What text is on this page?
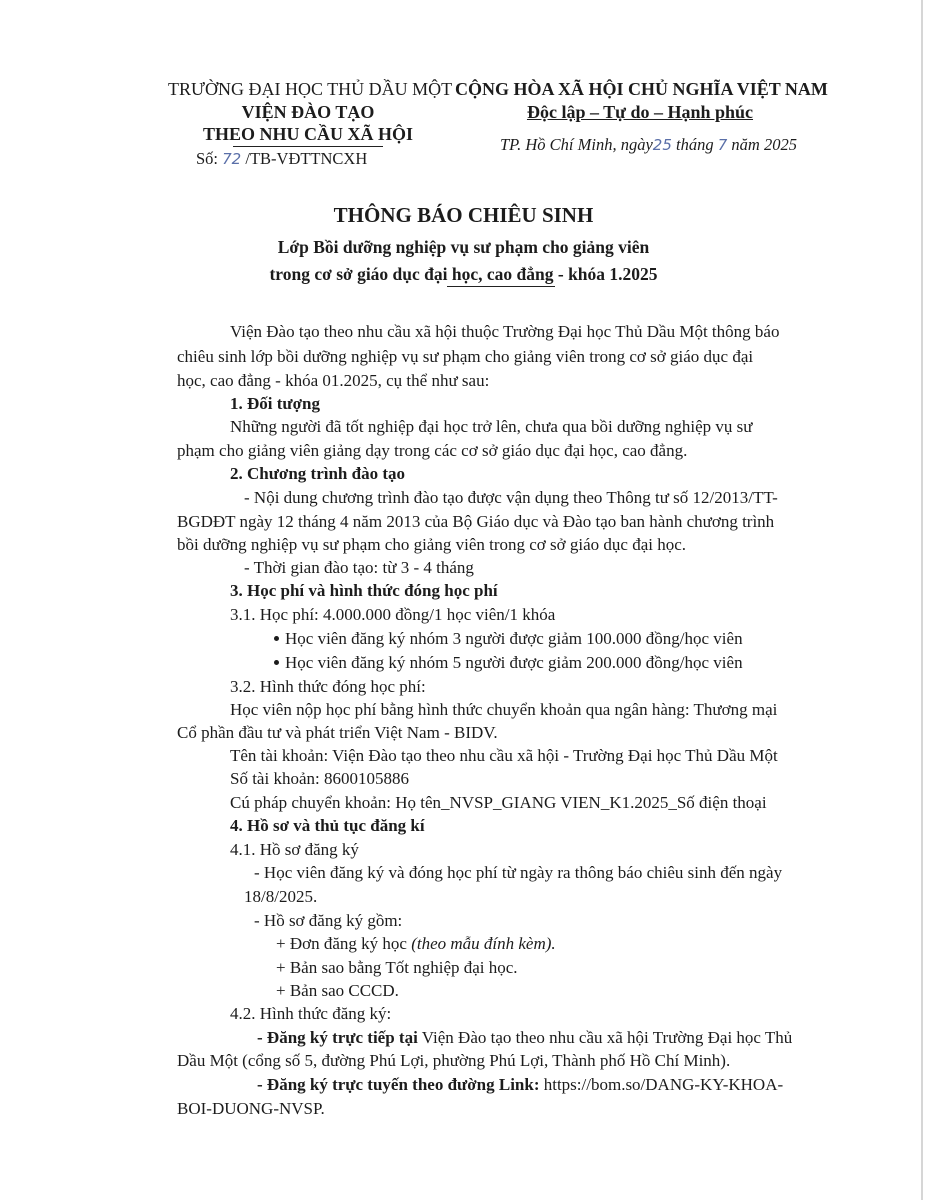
TRƯỜNG ĐẠI HỌC THỦ DẦU MỘT
VIỆN ĐÀO TẠO
THEO NHU CẦU XÃ HỘI
Số: 72 /TB-VĐTTNCXH
CỘNG HÒA XÃ HỘI CHỦ NGHĨA VIỆT NAM
Độc lập – Tự do – Hạnh phúc
TP. Hồ Chí Minh, ngày25 tháng 7 năm 2025
THÔNG BÁO CHIÊU SINH
Lớp Bồi dưỡng nghiệp vụ sư phạm cho giảng viên
trong cơ sở giáo dục đại học, cao đẳng - khóa 1.2025
Viện Đào tạo theo nhu cầu xã hội thuộc Trường Đại học Thủ Dầu Một thông báo
chiêu sinh lớp bồi dưỡng nghiệp vụ sư phạm cho giảng viên trong cơ sở giáo dục đại
học, cao đẳng - khóa 01.2025, cụ thể như sau:
1. Đối tượng
Những người đã tốt nghiệp đại học trở lên, chưa qua bồi dưỡng nghiệp vụ sư
phạm cho giảng viên giảng dạy trong các cơ sở giáo dục đại học, cao đẳng.
2. Chương trình đào tạo
- Nội dung chương trình đào tạo được vận dụng theo Thông tư số 12/2013/TT-
BGDĐT ngày 12 tháng 4 năm 2013 của Bộ Giáo dục và Đào tạo ban hành chương trình
bồi dưỡng nghiệp vụ sư phạm cho giảng viên trong cơ sở giáo dục đại học.
- Thời gian đào tạo: từ 3 - 4 tháng
3. Học phí và hình thức đóng học phí
3.1. Học phí: 4.000.000 đồng/1 học viên/1 khóa
Học viên đăng ký nhóm 3 người được giảm 100.000 đồng/học viên
Học viên đăng ký nhóm 5 người được giảm 200.000 đồng/học viên
3.2. Hình thức đóng học phí:
Học viên nộp học phí bằng hình thức chuyển khoản qua ngân hàng: Thương mại
Cổ phần đầu tư và phát triển Việt Nam - BIDV.
Tên tài khoản: Viện Đào tạo theo nhu cầu xã hội - Trường Đại học Thủ Dầu Một
Số tài khoản: 8600105886
Cú pháp chuyển khoản: Họ tên_NVSP_GIANG VIEN_K1.2025_Số điện thoại
4. Hồ sơ và thủ tục đăng kí
4.1. Hồ sơ đăng ký
- Học viên đăng ký và đóng học phí từ ngày ra thông báo chiêu sinh đến ngày
18/8/2025.
- Hồ sơ đăng ký gồm:
+ Đơn đăng ký học (theo mẫu đính kèm).
+ Bản sao bằng Tốt nghiệp đại học.
+ Bản sao CCCD.
4.2. Hình thức đăng ký:
- Đăng ký trực tiếp tại Viện Đào tạo theo nhu cầu xã hội Trường Đại học Thủ
Dầu Một (cổng số 5, đường Phú Lợi, phường Phú Lợi, Thành phố Hồ Chí Minh).
- Đăng ký trực tuyến theo đường Link: https://bom.so/DANG-KY-KHOA-
BOI-DUONG-NVSP.
